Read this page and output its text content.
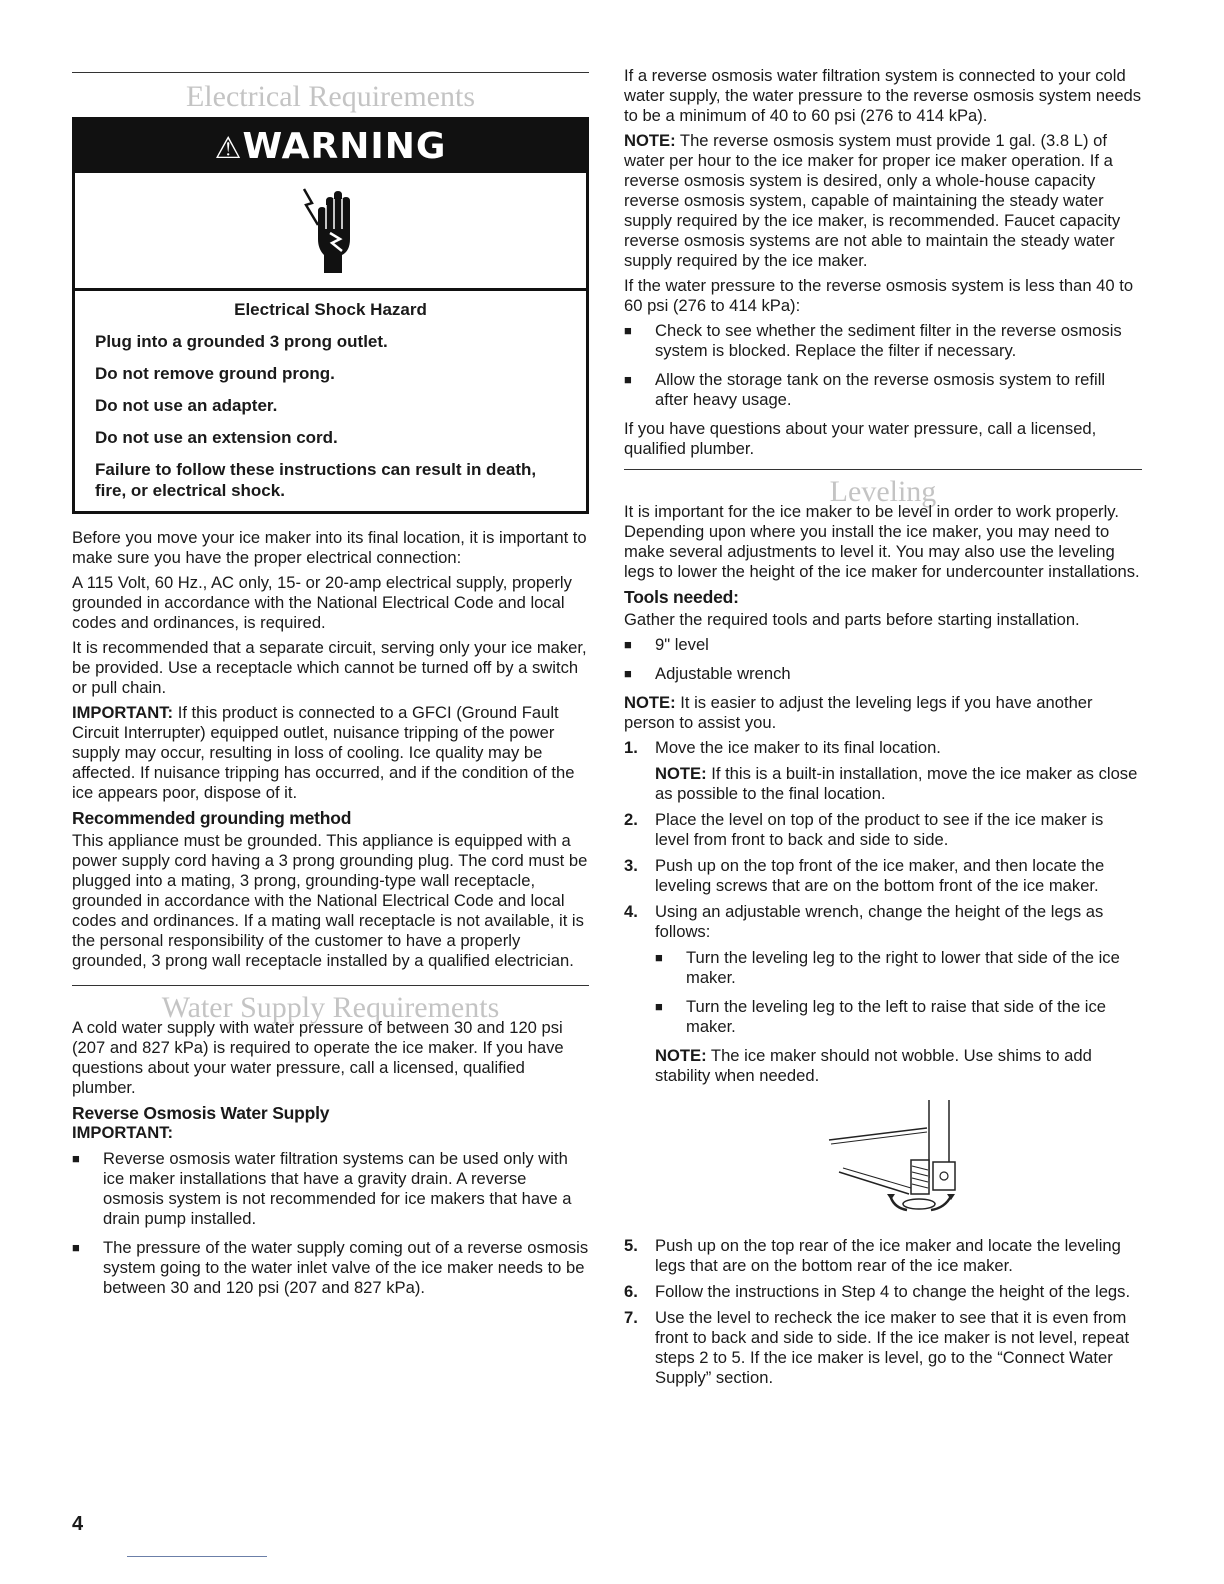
Electrical Requirements
⚠WARNING

Electrical Shock Hazard

Plug into a grounded 3 prong outlet.

Do not remove ground prong.

Do not use an adapter.

Do not use an extension cord.

Failure to follow these instructions can result in death, fire, or electrical shock.

Before you move your ice maker into its final location, it is important to make sure you have the proper electrical connection:

A 115 Volt, 60 Hz., AC only, 15- or 20-amp electrical supply, properly grounded in accordance with the National Electrical Code and local codes and ordinances, is required.

It is recommended that a separate circuit, serving only your ice maker, be provided. Use a receptacle which cannot be turned off by a switch or pull chain.

IMPORTANT: If this product is connected to a GFCI (Ground Fault Circuit Interrupter) equipped outlet, nuisance tripping of the power supply may occur, resulting in loss of cooling. Ice quality may be affected. If nuisance tripping has occurred, and if the condition of the ice appears poor, dispose of it.

Recommended grounding method

This appliance must be grounded. This appliance is equipped with a power supply cord having a 3 prong grounding plug. The cord must be plugged into a mating, 3 prong, grounding-type wall receptacle, grounded in accordance with the National Electrical Code and local codes and ordinances. If a mating wall receptacle is not available, it is the personal responsibility of the customer to have a properly grounded, 3 prong wall receptacle installed by a qualified electrician.

Water Supply Requirements

A cold water supply with water pressure of between 30 and 120 psi (207 and 827 kPa) is required to operate the ice maker. If you have questions about your water pressure, call a licensed, qualified plumber.

Reverse Osmosis Water Supply
IMPORTANT:
■ Reverse osmosis water filtration systems can be used only with ice maker installations that have a gravity drain. A reverse osmosis system is not recommended for ice makers that have a drain pump installed.
■ The pressure of the water supply coming out of a reverse osmosis system going to the water inlet valve of the ice maker needs to be between 30 and 120 psi (207 and 827 kPa).

If a reverse osmosis water filtration system is connected to your cold water supply, the water pressure to the reverse osmosis system needs to be a minimum of 40 to 60 psi (276 to 414 kPa).

NOTE: The reverse osmosis system must provide 1 gal. (3.8 L) of water per hour to the ice maker for proper ice maker operation. If a reverse osmosis system is desired, only a whole-house capacity reverse osmosis system, capable of maintaining the steady water supply required by the ice maker, is recommended. Faucet capacity reverse osmosis systems are not able to maintain the steady water supply required by the ice maker.

If the water pressure to the reverse osmosis system is less than 40 to 60 psi (276 to 414 kPa):

■ Check to see whether the sediment filter in the reverse osmosis system is blocked. Replace the filter if necessary.
■ Allow the storage tank on the reverse osmosis system to refill after heavy usage.

If you have questions about your water pressure, call a licensed, qualified plumber.

Leveling

It is important for the ice maker to be level in order to work properly. Depending upon where you install the ice maker, you may need to make several adjustments to level it. You may also use the leveling legs to lower the height of the ice maker for undercounter installations.

Tools needed:

Gather the required tools and parts before starting installation.

■ 9" level
■ Adjustable wrench

NOTE: It is easier to adjust the leveling legs if you have another person to assist you.

1. Move the ice maker to its final location.
NOTE: If this is a built-in installation, move the ice maker as close as possible to the final location.
2. Place the level on top of the product to see if the ice maker is level from front to back and side to side.
3. Push up on the top front of the ice maker, and then locate the leveling screws that are on the bottom front of the ice maker.
4. Using an adjustable wrench, change the height of the legs as follows:
■ Turn the leveling leg to the right to lower that side of the ice maker.
■ Turn the leveling leg to the left to raise that side of the ice maker.
NOTE: The ice maker should not wobble. Use shims to add stability when needed.
5. Push up on the top rear of the ice maker and locate the leveling legs that are on the bottom rear of the ice maker.
6. Follow the instructions in Step 4 to change the height of the legs.
7. Use the level to recheck the ice maker to see that it is even from front to back and side to side. If the ice maker is not level, repeat steps 2 to 5. If the ice maker is level, go to the “Connect Water Supply” section.
4
